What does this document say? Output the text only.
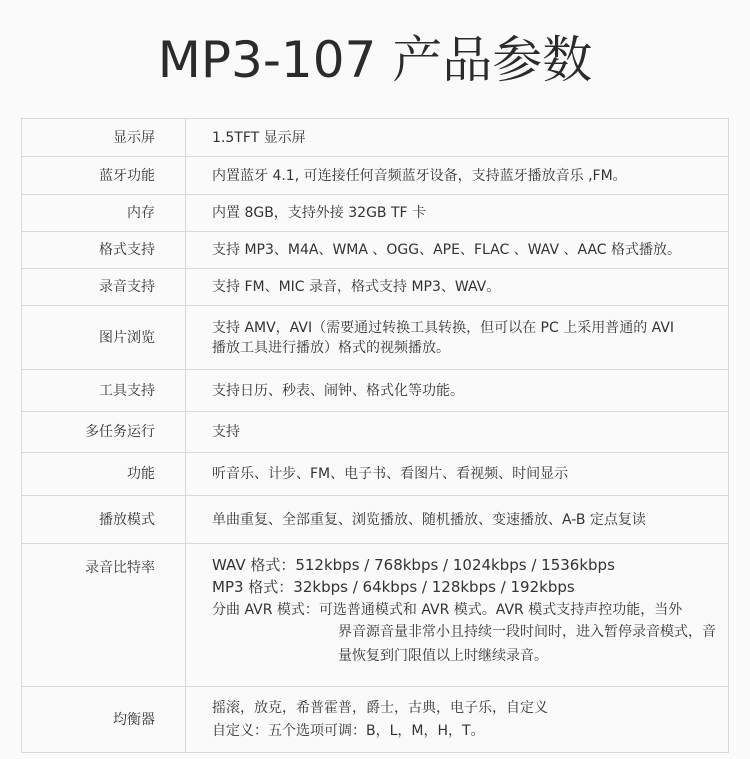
MP3-107 产品参数
显示屏	1.5TFT 显示屏
蓝牙功能	内置蓝牙 4.1, 可连接任何音频蓝牙设备，支持蓝牙播放音乐 ,FM。
内存	内置 8GB，支持外接 32GB TF 卡
格式支持	支持 MP3、M4A、WMA 、OGG、APE、FLAC 、WAV 、AAC 格式播放。
录音支持	支持 FM、MIC 录音，格式支持 MP3、WAV。
图片浏览	支持 AMV，AVI（需要通过转换工具转换，但可以在 PC 上采用普通的 AVI
播放工具进行播放）格式的视频播放。

工具支持	支持日历、秒表、闹钟、格式化等功能。
多任务运行	支持
功能	听音乐、计步、FM、电子书、看图片、看视频、时间显示
播放模式	单曲重复、全部重复、浏览播放、随机播放、变速播放、A-B 定点复读
录音比特率	WAV 格式：512kbps / 768kbps / 1024kbps / 1536kbps
MP3 格式：32kbps / 64kbps / 128kbps / 192kbps
分曲 AVR 模式：可选普通模式和 AVR 模式。AVR 模式支持声控功能，当外
界音源音量非常小且持续一段时间时，进入暂停录音模式，音
量恢复到门限值以上时继续录音。

均衡器	摇滚，放克，希普霍普，爵士，古典，电子乐，自定义
自定义：五个选项可调：B，L，M，H，T。
